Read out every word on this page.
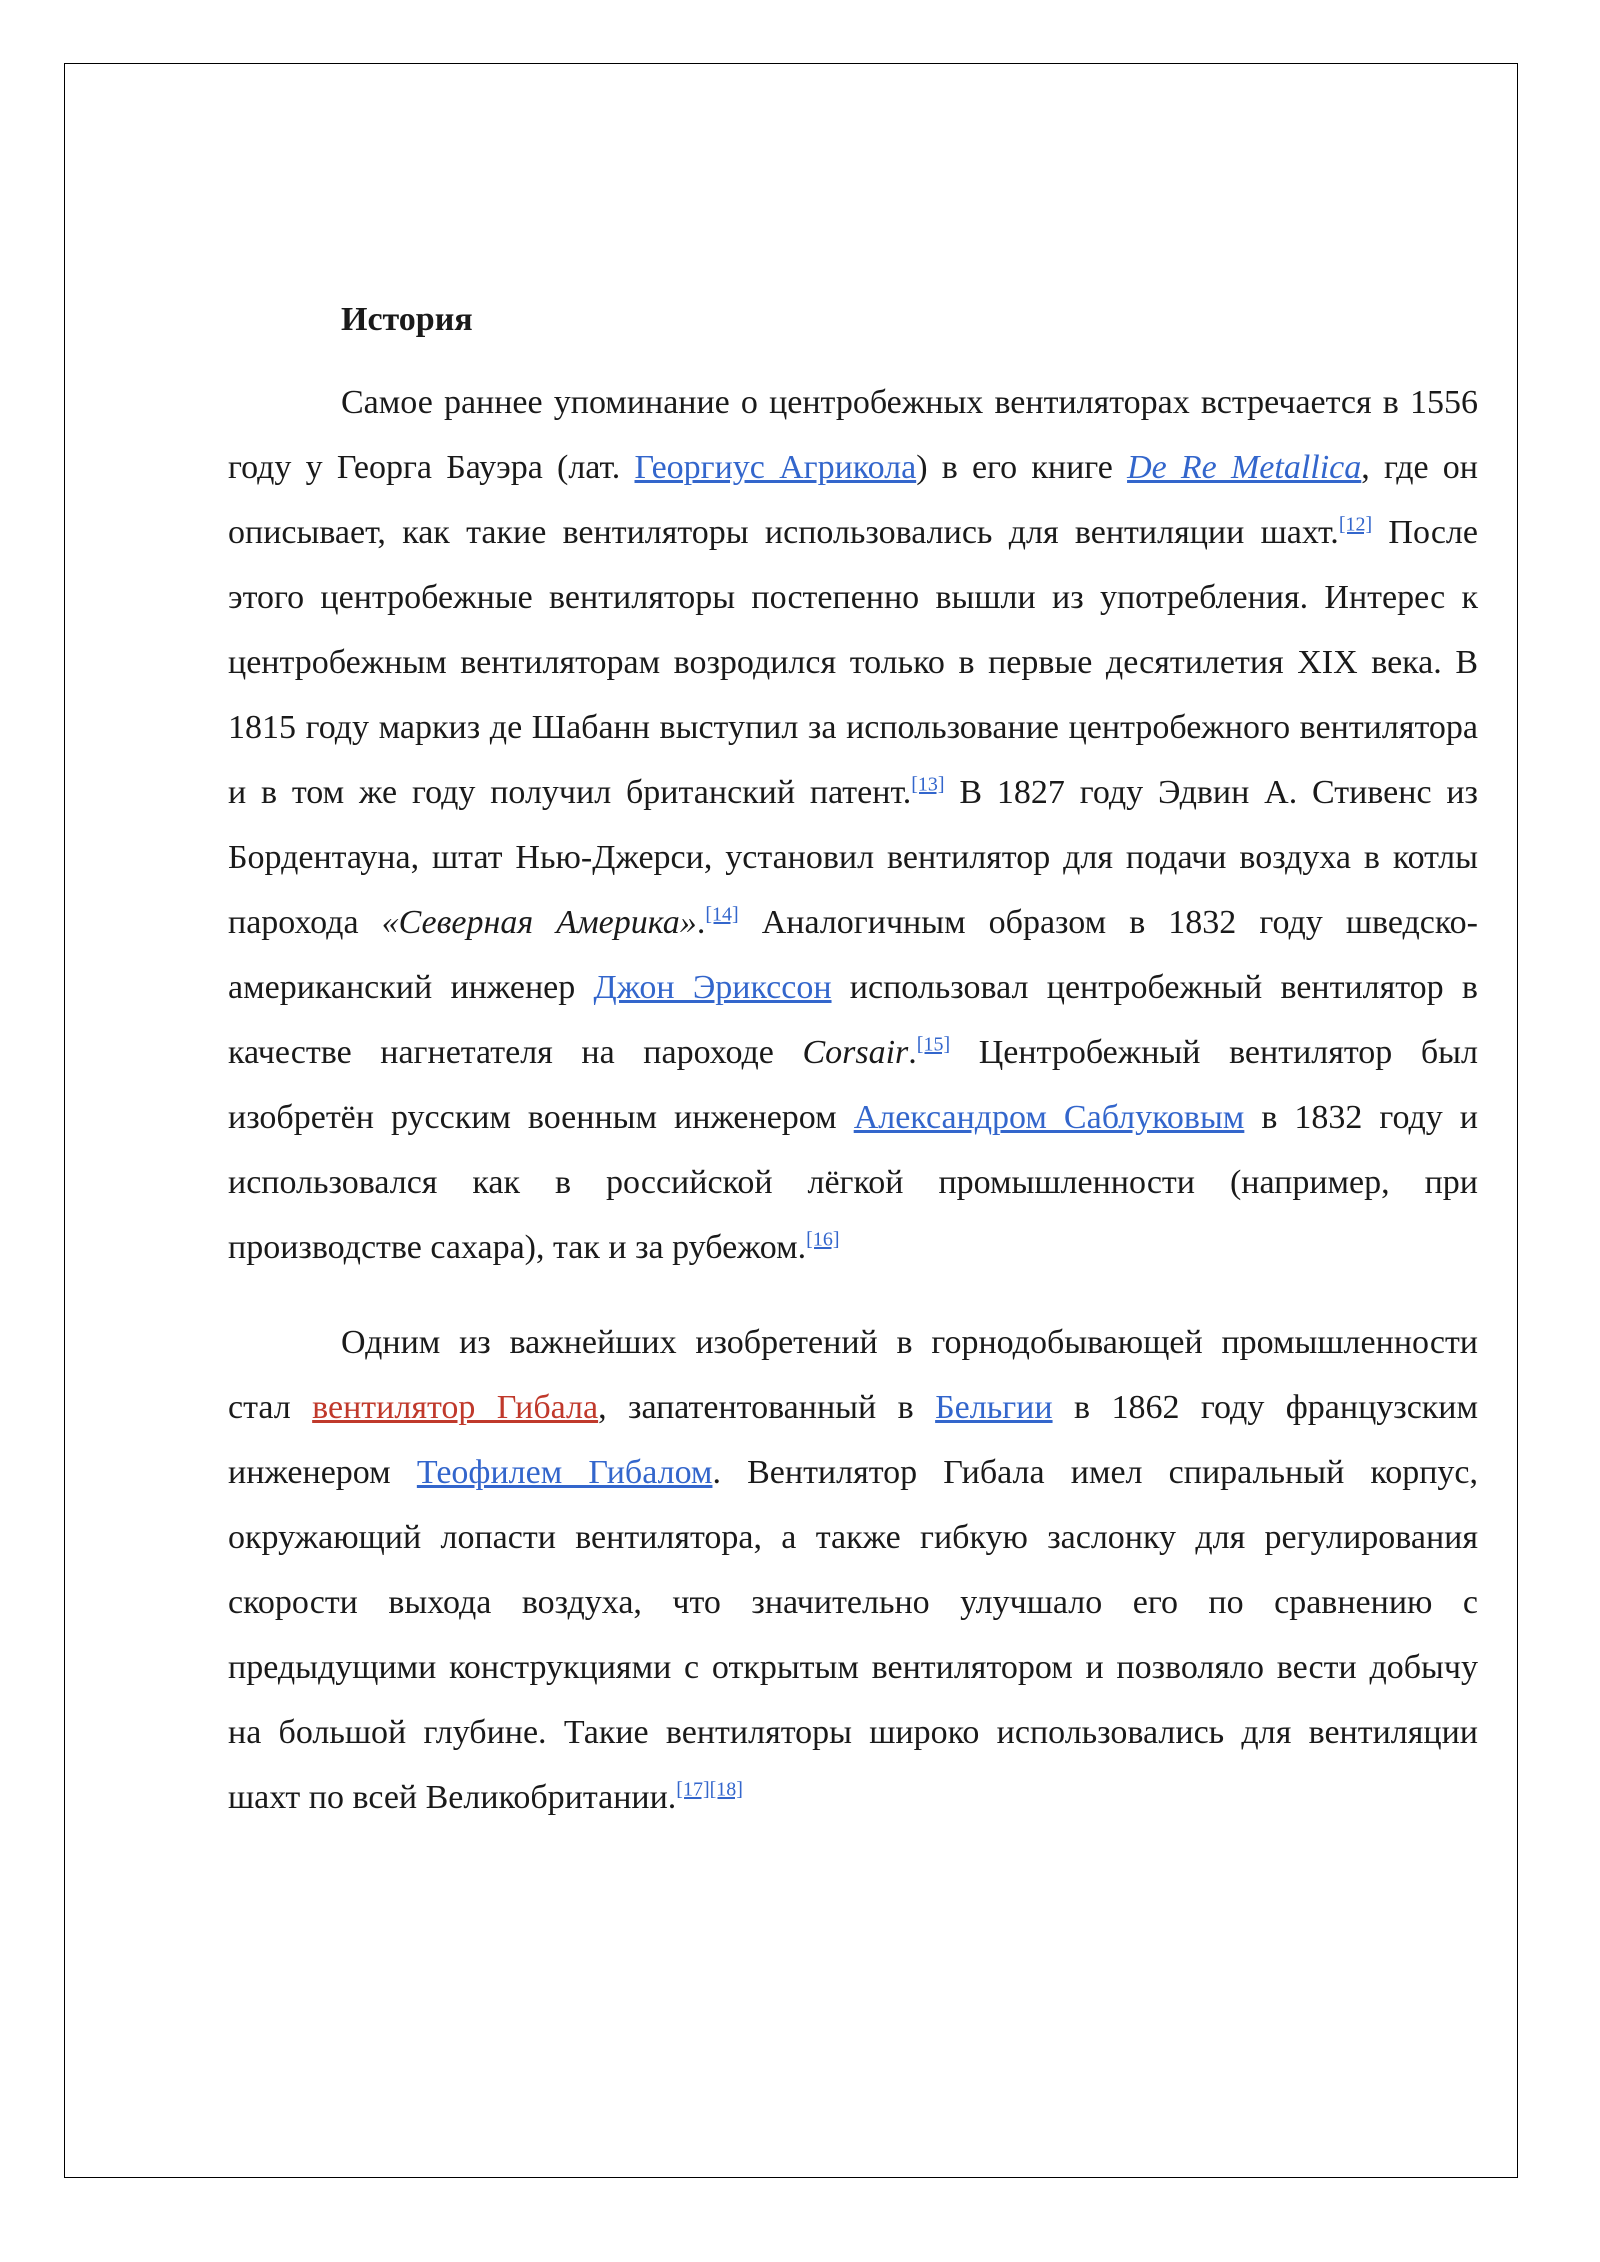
История

Самое раннее упоминание о центробежных вентиляторах встречается в 1556 году у Георга Бауэра (лат. Георгиус Агрикола) в его книге De Re Metallica, где он описывает, как такие вентиляторы использовались для вентиляции шахт.[12] После этого центробежные вентиляторы постепенно вышли из употребления. Интерес к центробежным вентиляторам возродился только в первые десятилетия XIX века. В 1815 году маркиз де Шабанн выступил за использование центробежного вентилятора и в том же году получил британский патент.[13] В 1827 году Эдвин А. Стивенс из Бордентауна, штат Нью-Джерси, установил вентилятор для подачи воздуха в котлы парохода «Северная Америка».[14] Аналогичным образом в 1832 году шведско-американский инженер Джон Эрикссон использовал центробежный вентилятор в качестве нагнетателя на пароходе Corsair.[15] Центробежный вентилятор был изобретён русским военным инженером Александром Саблуковым в 1832 году и использовался как в российской лёгкой промышленности (например, при производстве сахара), так и за рубежом.[16]

Одним из важнейших изобретений в горнодобывающей промышленности стал вентилятор Гибала, запатентованный в Бельгии в 1862 году французским инженером Теофилем Гибалом. Вентилятор Гибала имел спиральный корпус, окружающий лопасти вентилятора, а также гибкую заслонку для регулирования скорости выхода воздуха, что значительно улучшало его по сравнению с предыдущими конструкциями с открытым вентилятором и позволяло вести добычу на большой глубине. Такие вентиляторы широко использовались для вентиляции шахт по всей Великобритании.[17][18]
